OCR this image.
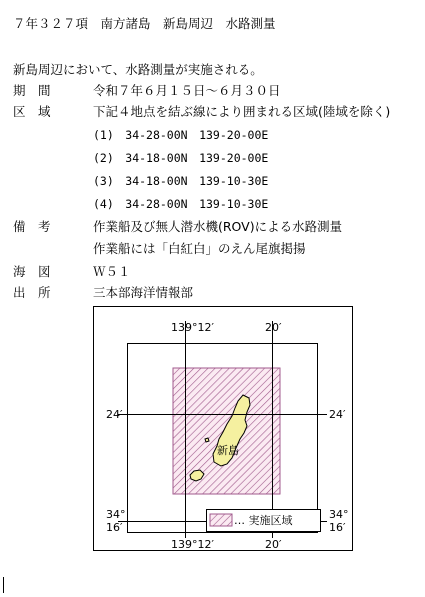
７年３２７項　南方諸島　新島周辺　水路測量
新島周辺において、水路測量が実施される。
期　間	令和７年６月１５日～６月３０日
区　域	下記４地点を結ぶ線により囲まれる区域(陸域を除く)
(1)　34-28-00N　139-20-00E
(2)　34-18-00N　139-20-00E
(3)　34-18-00N　139-10-30E
(4)　34-28-00N　139-10-30E
備　考	作業船及び無人潜水機(ROV)による水路測量
作業船には「白紅白」のえん尾旗掲揚
海　図	Ｗ５１
出　所	三本部海洋情報部
139°12′	20′
24′	24′
34°
16′
34°
16′
139°12′	20′
新島
… 実施区域
